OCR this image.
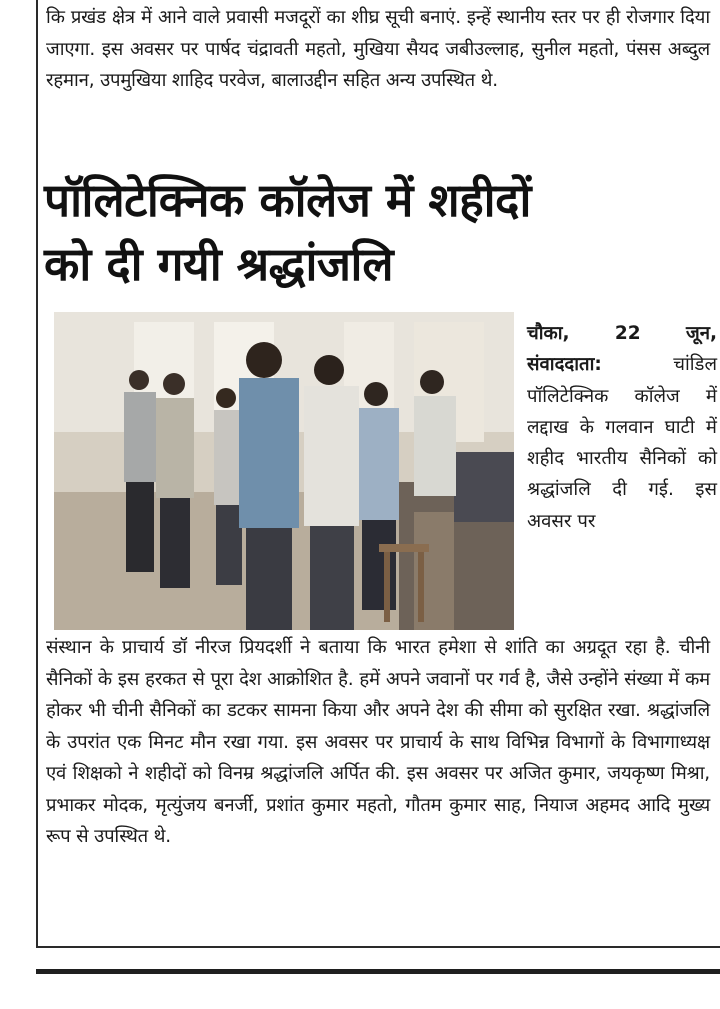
कि प्रखंड क्षेत्र में आने वाले प्रवासी मजदूरों का शीघ्र सूची बनाएं. इन्हें स्थानीय स्तर पर ही रोजगार दिया जाएगा. इस अवसर पर पार्षद चंद्रावती महतो, मुखिया सैयद जबीउल्लाह, सुनील महतो, पंसस अब्दुल रहमान, उपमुखिया शाहिद परवेज, बालाउद्दीन सहित अन्य उपस्थित थे.

पॉलिटेक्निक कॉलेज में शहीदों
को दी गयी श्रद्धांजलि

चौका, 22 जून, संवाददाता:	चांडिल पॉलिटेक्निक कॉलेज में लद्दाख के गलवान घाटी में शहीद भारतीय सैनिकों को श्रद्धांजलि दी गई. इस अवसर पर

संस्थान के प्राचार्य डॉ नीरज प्रियदर्शी ने बताया कि भारत हमेशा से शांति का अग्रदूत रहा है. चीनी सैनिकों के इस हरकत से पूरा देश आक्रोशित है. हमें अपने जवानों पर गर्व है, जैसे उन्होंने संख्या में कम होकर भी चीनी सैनिकों का डटकर सामना किया और अपने देश की सीमा को सुरक्षित रखा. श्रद्धांजलि के उपरांत एक मिनट मौन रखा गया. इस अवसर पर प्राचार्य के साथ विभिन्न विभागों के विभागाध्यक्ष एवं शिक्षको ने शहीदों को विनम्र श्रद्धांजलि अर्पित की. इस अवसर पर अजित कुमार, जयकृष्ण मिश्रा, प्रभाकर मोदक, मृत्युंजय बनर्जी, प्रशांत कुमार महतो, गौतम कुमार साह, नियाज अहमद आदि मुख्य रूप से उपस्थित थे.
